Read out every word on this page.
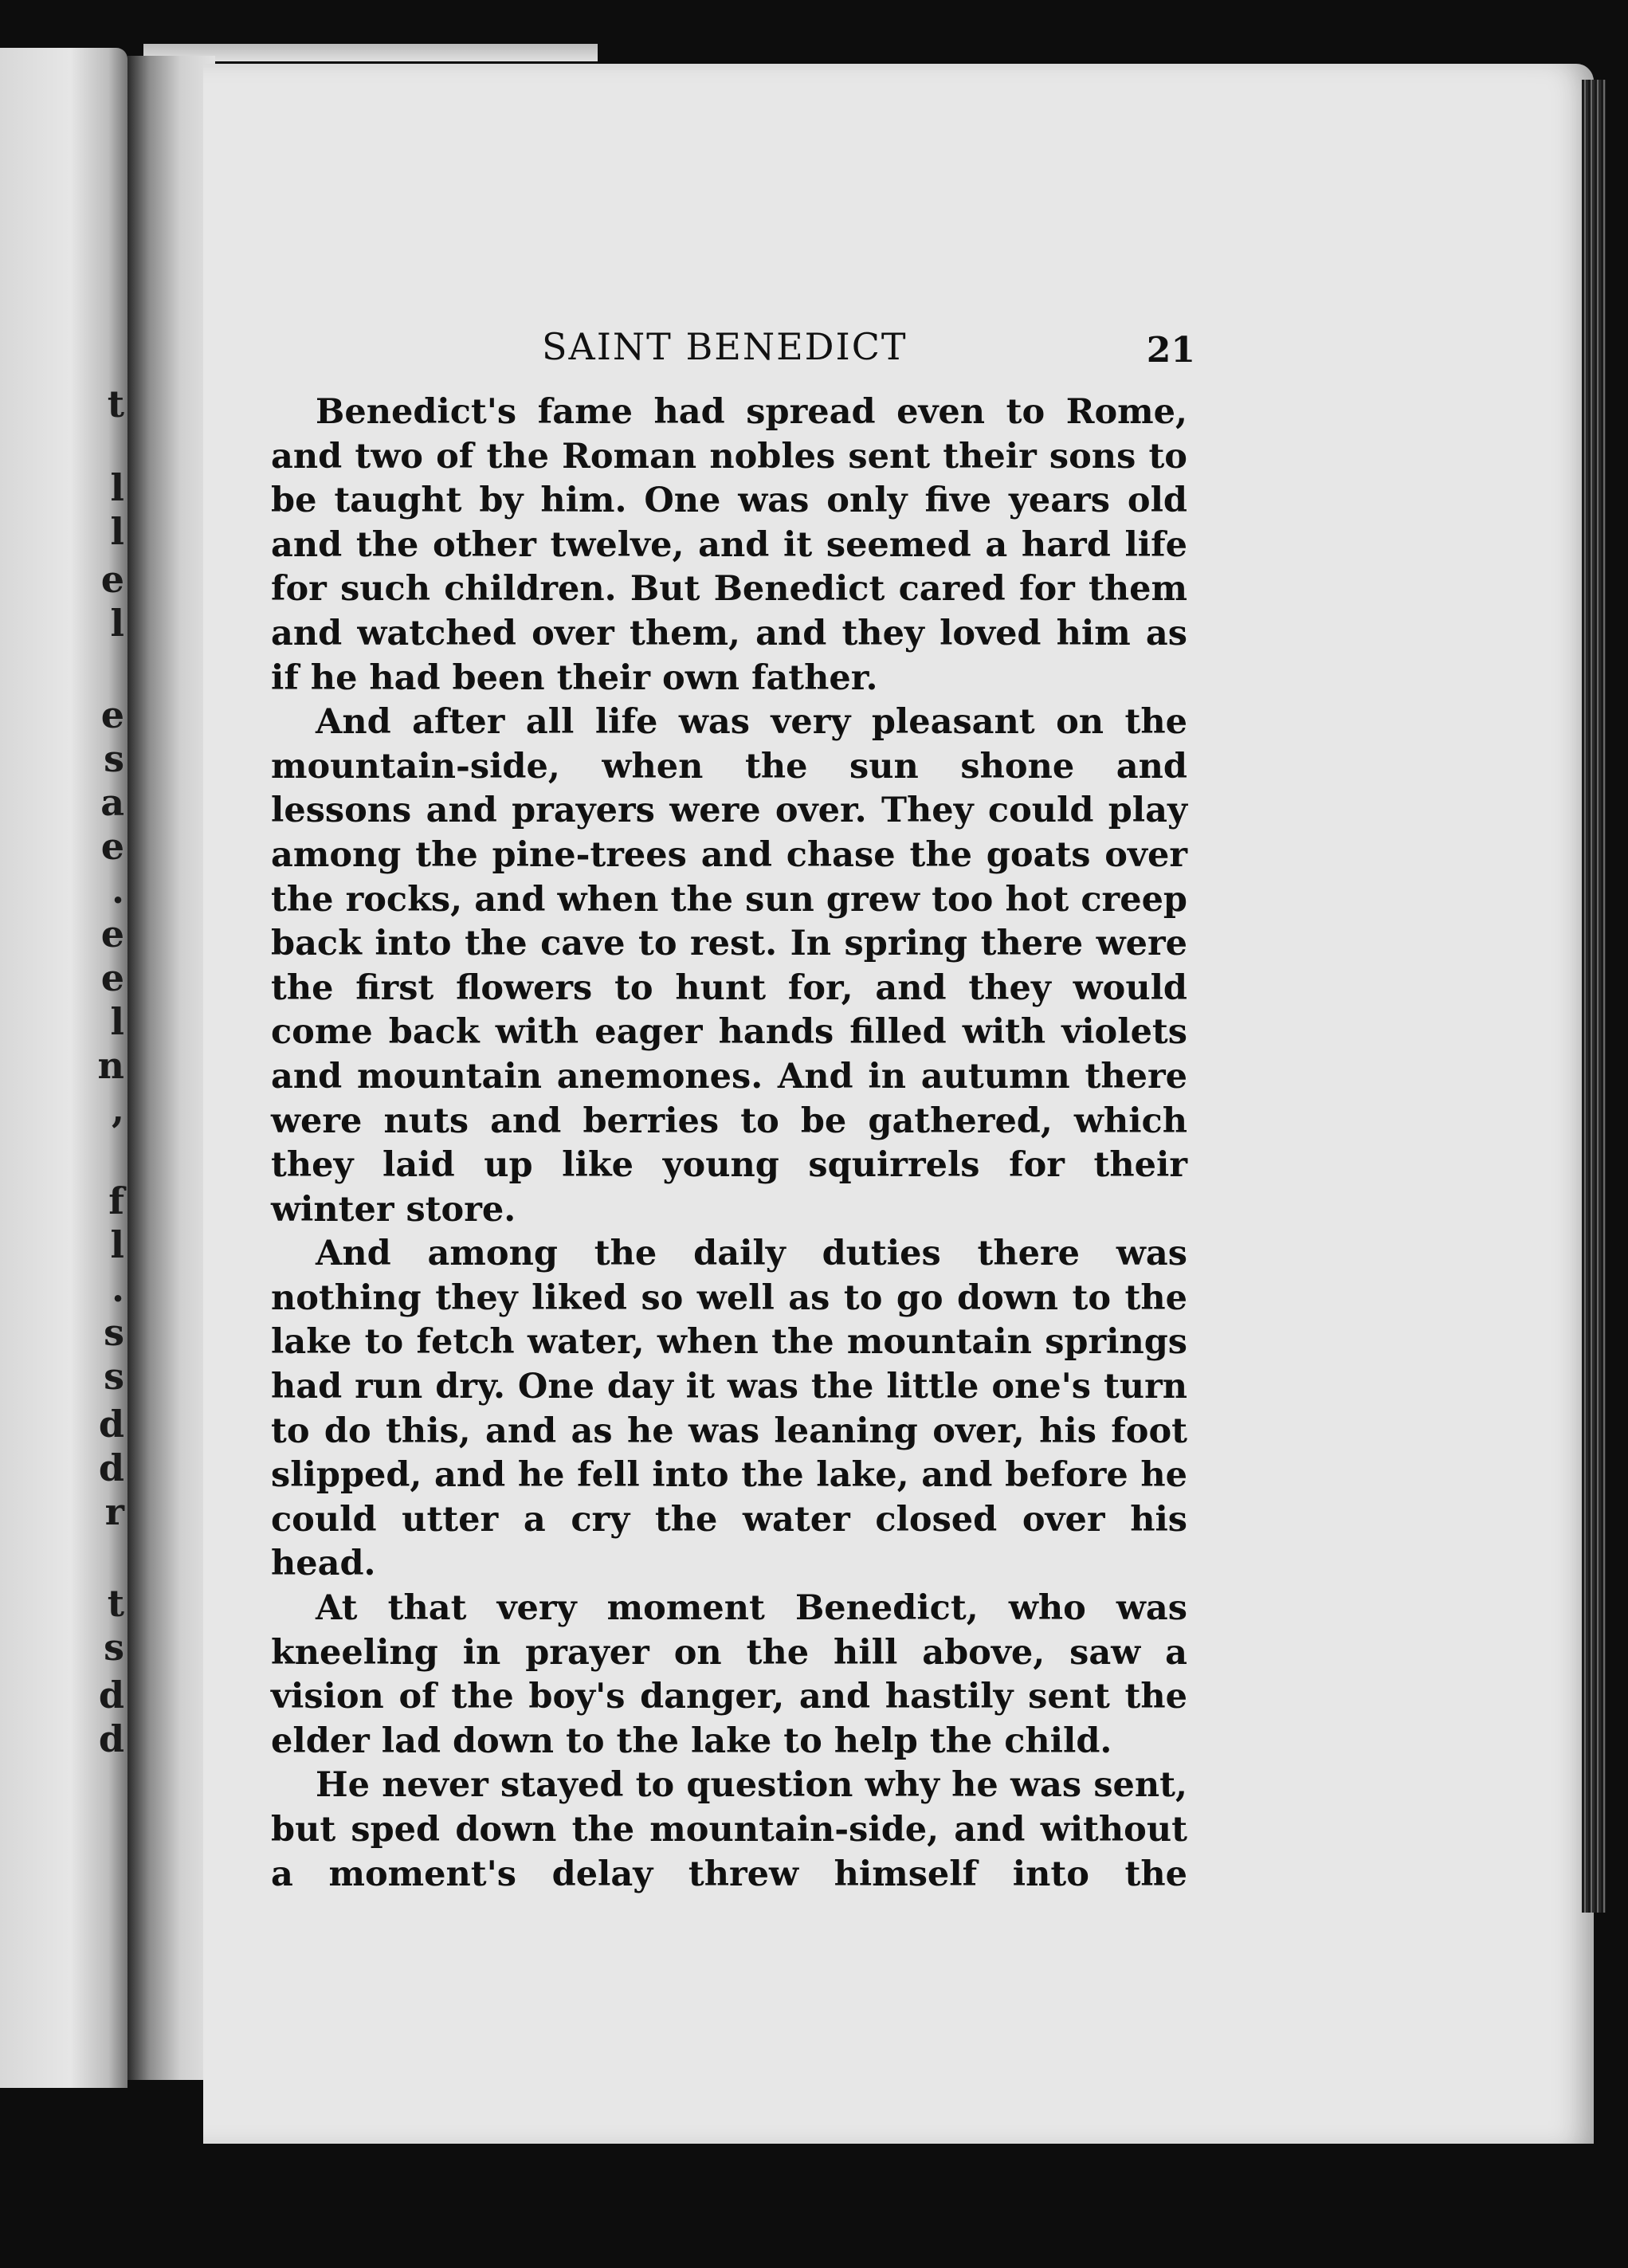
t
l
l
e
l
e
s
a
e
.
e
e
l
n
,
f
l
.
s
s
d
d
r
t
s
d
d
SAINT BENEDICT	21

Benedict's fame had spread even to Rome, and two of the Roman nobles sent their sons to be taught by him. One was only five years old and the other twelve, and it seemed a hard life for such children. But Benedict cared for them and watched over them, and they loved him as if he had been their own father.

And after all life was very pleasant on the mountain-side, when the sun shone and lessons and prayers were over. They could play among the pine-trees and chase the goats over the rocks, and when the sun grew too hot creep back into the cave to rest. In spring there were the first flowers to hunt for, and they would come back with eager hands filled with violets and mountain anemones. And in autumn there were nuts and berries to be gathered, which they laid up like young squirrels for their winter store.

And among the daily duties there was nothing they liked so well as to go down to the lake to fetch water, when the mountain springs had run dry. One day it was the little one's turn to do this, and as he was leaning over, his foot slipped, and he fell into the lake, and before he could utter a cry the water closed over his head.

At that very moment Benedict, who was kneeling in prayer on the hill above, saw a vision of the boy's danger, and hastily sent the elder lad down to the lake to help the child.

He never stayed to question why he was sent, but sped down the mountain-side, and without a moment's delay threw himself into the
